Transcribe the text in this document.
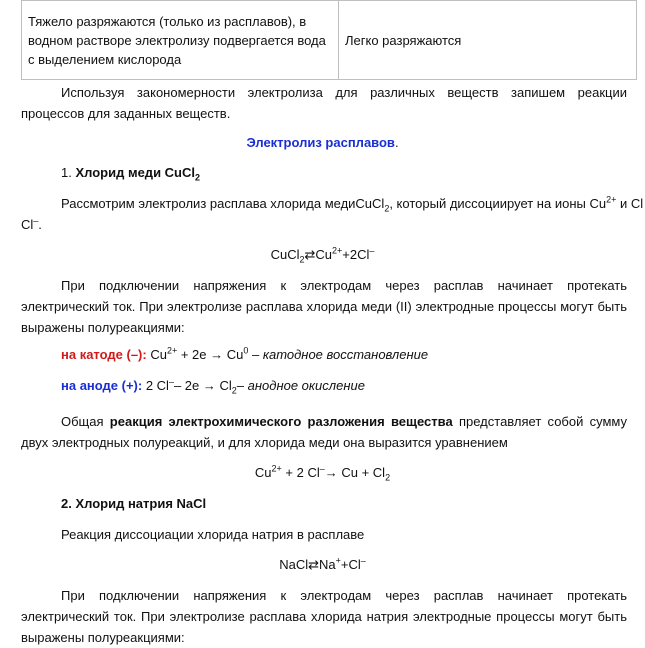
Тяжело разряжаются (только из расплавов), в водном растворе электролизу подвергается вода с выделением кислорода	Легко разряжаются
Используя закономерности электролиза для различных веществ запишем реакции процессов для заданных веществ.
Электролиз расплавов.
1. Хлорид меди CuCl$_2$
Рассмотрим электролиз расплава хлорида медиCuCl$_2$, который диссоциирует на ионы $Cu^{2+}$ и Cl
Cl–.
$CuCl_2⇄Cu^{2+}+2Cl^-$
При подключении напряжения к электродам через расплав начинает протекать электрический ток. При электролизе расплава хлорида меди (II) электродные процессы могут быть выражены полуреакциями:
на катоде (–): $Cu^{2+} + 2e \to Cu^0$ – катодное восстановление
на аноде (+): 2 Cl–– $2e \to Cl_2-$ анодное окисление
Общая реакция электрохимического разложения вещества представляет собой сумму двух электродных полуреакций, и для хлорида меди она выразится уравнением
$Cu^{2+} + 2$ $Cl^-\to Cu + Cl_2$
2. Хлорид натрия NaCl
Реакция диссоциации хлорида натрия в расплаве
NaCl⇄Na++Cl–
При подключении напряжения к электродам через расплав начинает протекать электрический ток. При электролизе расплава хлорида натрия электродные процессы могут быть выражены полуреакциями:
